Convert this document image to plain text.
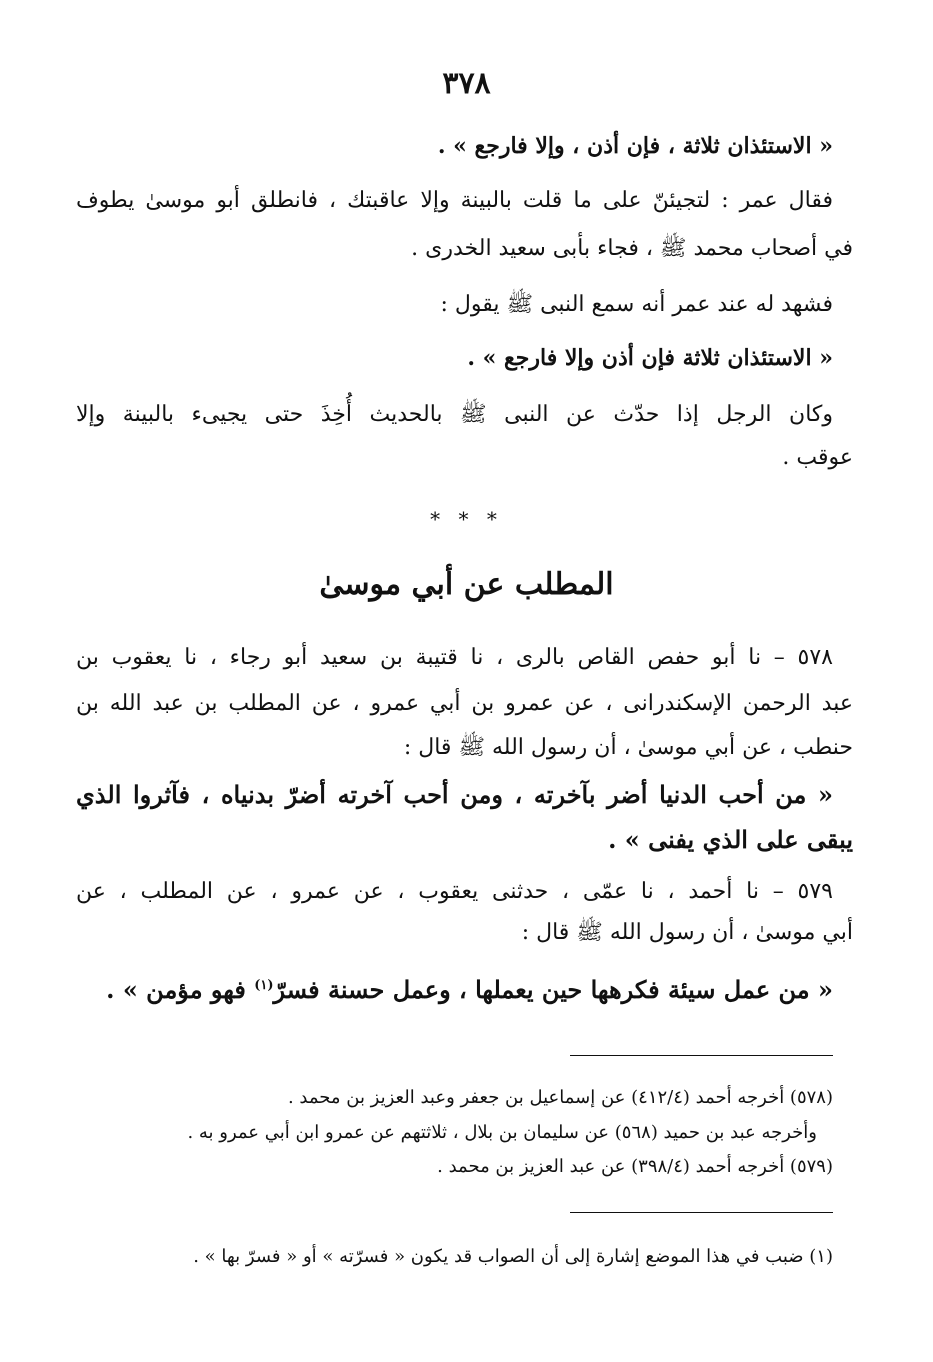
٣٧٨
« الاستئذان ثلاثة ، فإن أذن ، وإلا فارجع » .
فقال عمر : لتجيئنّ على ما قلت بالبينة وإلا عاقبتك ، فانطلق أبو موسىٰ يطوف
في أصحاب محمد ﷺ ، فجاء بأبى سعيد الخدرى .
فشهد له عند عمر أنه سمع النبى ﷺ يقول :
« الاستئذان ثلاثة فإن أذن وإلا فارجع » .
وكان الرجل إذا حدّث عن النبى ﷺ بالحديث أُخِذَ حتى يجيىء بالبينة وإلا
عوقب .
* * *
المطلب عن أبي موسىٰ
٥٧٨ – نا أبو حفص القاص بالرى ، نا قتيبة بن سعيد أبو رجاء ، نا يعقوب بن
عبد الرحمن الإسكندرانى ، عن عمرو بن أبي عمرو ، عن المطلب بن عبد الله بن
حنطب ، عن أبي موسىٰ ، أن رسول الله ﷺ قال :
« من أحب الدنيا أضر بآخرته ، ومن أحب آخرته أضرّ بدنياه ، فآثروا الذي
يبقى على الذي يفنى » .
٥٧٩ – نا أحمد ، نا عمّى ، حدثنى يعقوب ، عن عمرو ، عن المطلب ، عن
أبي موسىٰ ، أن رسول الله ﷺ قال :
« من عمل سيئة فكرهها حين يعملها ، وعمل حسنة فسرّ$^{(١)}$ فهو مؤمن » .
(٥٧٨) أخرجه أحمد (٤١٢/٤) عن إسماعيل بن جعفر وعبد العزيز بن محمد .
وأخرجه عبد بن حميد (٥٦٨) عن سليمان بن بلال ، ثلاثتهم عن عمرو ابن أبي عمرو به .
(٥٧٩) أخرجه أحمد (٣٩٨/٤) عن عبد العزيز بن محمد .
(١) ضبب في هذا الموضع إشارة إلى أن الصواب قد يكون « فسرّته » أو « فسرّ بها » .
